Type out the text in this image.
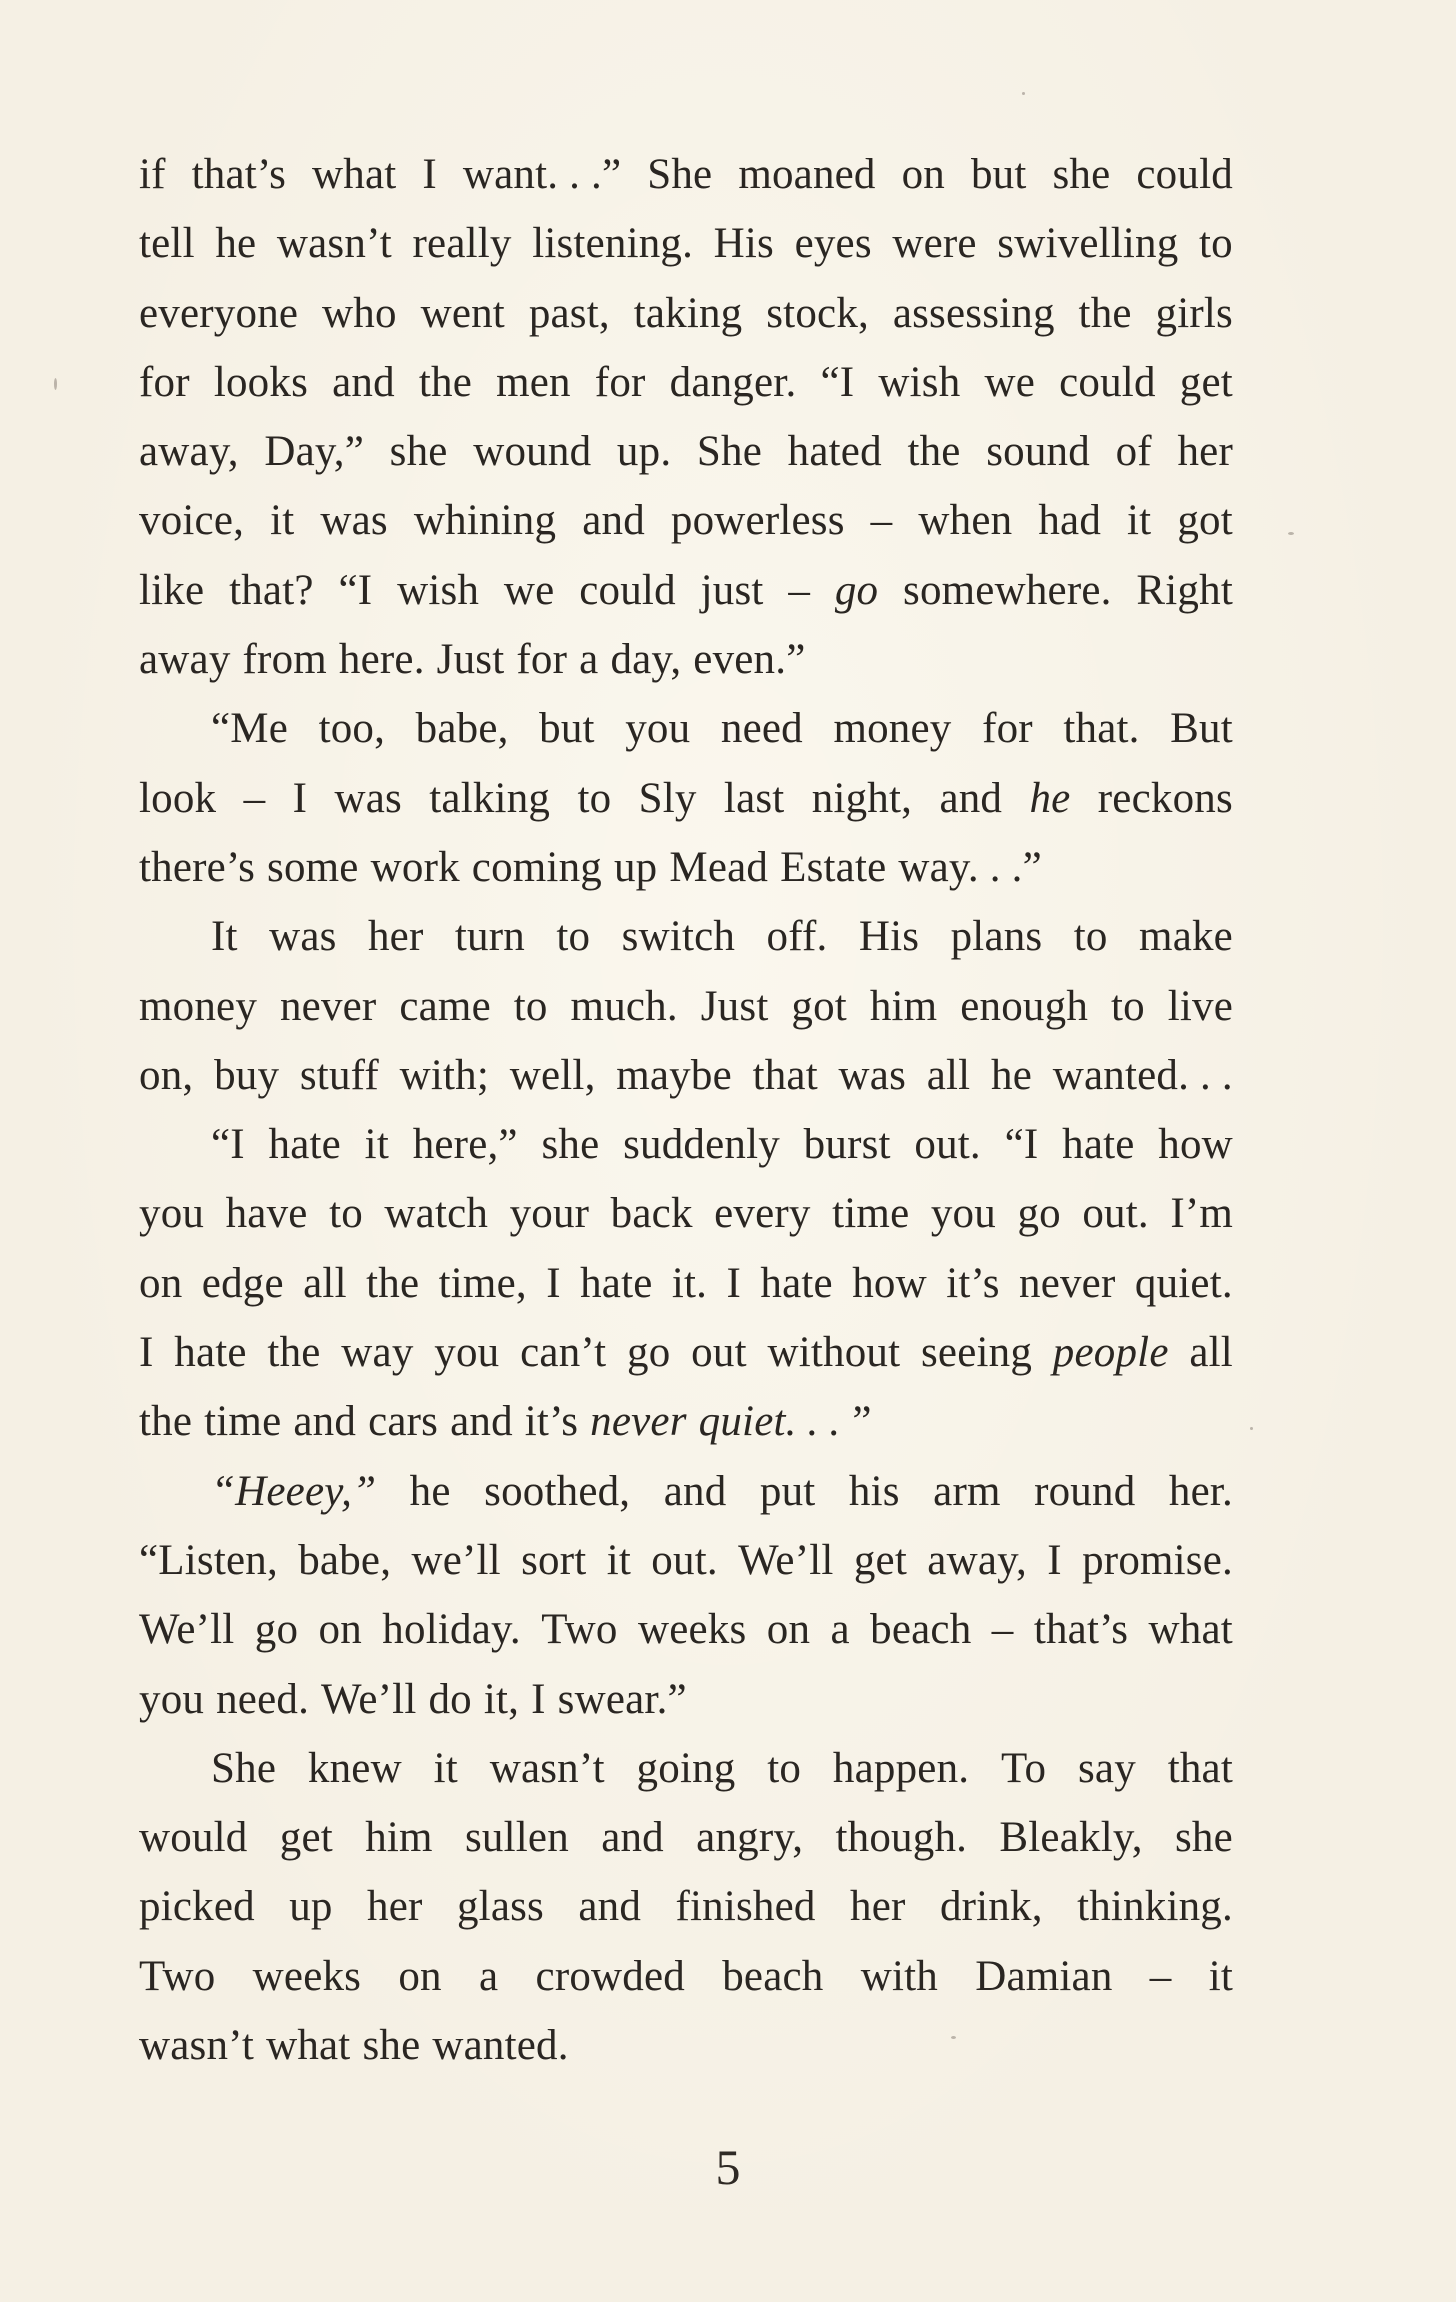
if that’s what I want. . .” She moaned on but she could
tell he wasn’t really listening. His eyes were swivelling to
everyone who went past, taking stock, assessing the girls
for looks and the men for danger. “I wish we could get
away, Day,” she wound up. She hated the sound of her
voice, it was whining and powerless – when had it got
like that? “I wish we could just – go somewhere. Right
away from here. Just for a day, even.”
“Me too, babe, but you need money for that. But
look – I was talking to Sly last night, and he reckons
there’s some work coming up Mead Estate way. . .”
It was her turn to switch off. His plans to make
money never came to much. Just got him enough to live
on, buy stuff with; well, maybe that was all he wanted. . .
“I hate it here,” she suddenly burst out. “I hate how
you have to watch your back every time you go out. I’m
on edge all the time, I hate it. I hate how it’s never quiet.
I hate the way you can’t go out without seeing people all
the time and cars and it’s never quiet. . . ”
“Heeey,” he soothed, and put his arm round her.
“Listen, babe, we’ll sort it out. We’ll get away, I promise.
We’ll go on holiday. Two weeks on a beach – that’s what
you need. We’ll do it, I swear.”
She knew it wasn’t going to happen. To say that
would get him sullen and angry, though. Bleakly, she
picked up her glass and finished her drink, thinking.
Two weeks on a crowded beach with Damian – it
wasn’t what she wanted.
5
